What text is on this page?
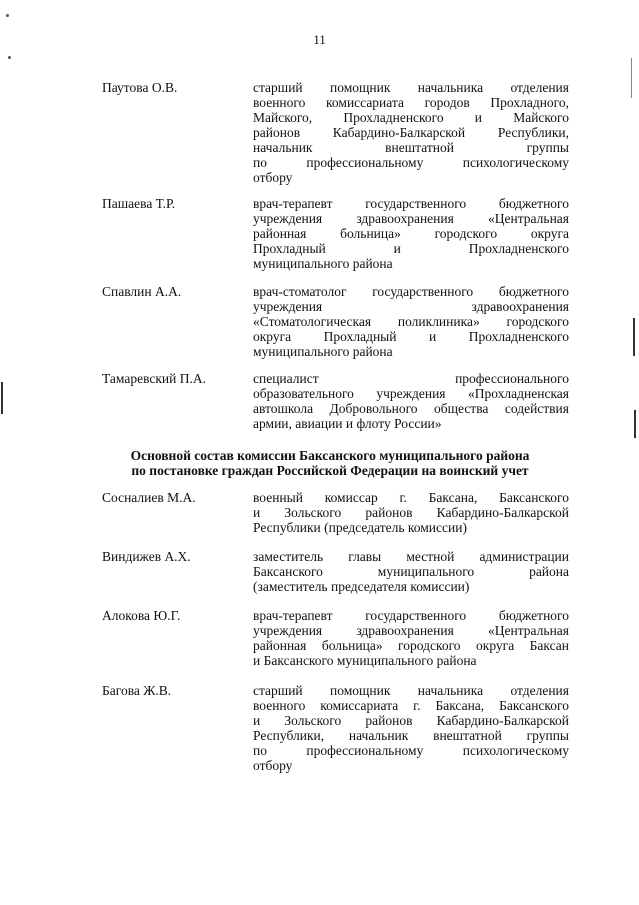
11
Паутова О.В.	старший помощник начальника отделения
военного комиссариата городов Прохладного,
Майского, Прохладненского и Майского
районов Кабардино-Балкарской Республики,
начальник внештатной группы
по профессиональному психологическому
отбору
Пашаева Т.Р.	врач-терапевт государственного бюджетного
учреждения здравоохранения «Центральная
районная больница» городского округа
Прохладный и Прохладненского
муниципального района
Спавлин А.А.	врач-стоматолог государственного бюджетного
учреждения здравоохранения
«Стоматологическая поликлиника» городского
округа Прохладный и Прохладненского
муниципального района
Тамаревский П.А.	специалист профессионального
образовательного учреждения «Прохладненская
автошкола Добровольного общества содействия
армии, авиации и флоту России»
Основной состав комиссии Баксанского муниципального района
по постановке граждан Российской Федерации на воинский учет
Сосналиев М.А.	военный комиссар г. Баксана, Баксанского
и Зольского районов Кабардино-Балкарской
Республики (председатель комиссии)
Виндижев А.Х.	заместитель главы местной администрации
Баксанского муниципального района
(заместитель председателя комиссии)
Алокова Ю.Г.	врач-терапевт государственного бюджетного
учреждения здравоохранения «Центральная
районная больница» городского округа Баксан
и Баксанского муниципального района
Багова Ж.В.	старший помощник начальника отделения
военного комиссариата г. Баксана, Баксанского
и Зольского районов Кабардино-Балкарской
Республики, начальник внештатной группы
по профессиональному психологическому
отбору
